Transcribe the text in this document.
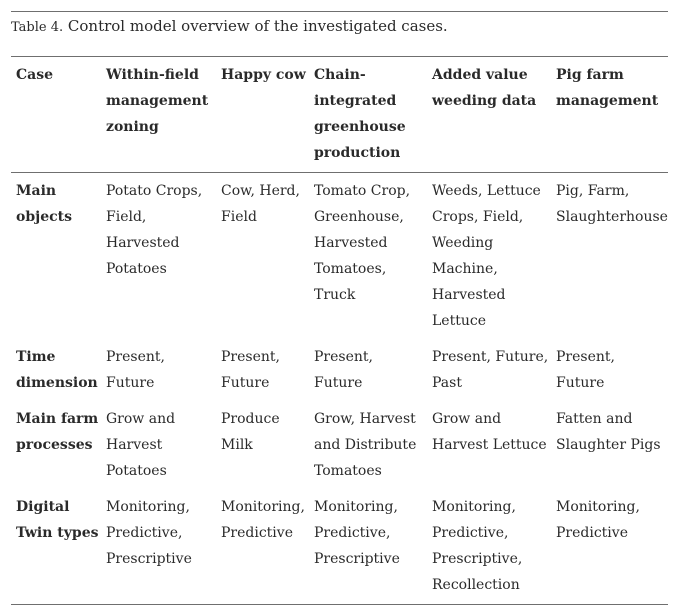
Table 4. Control model overview of the investigated cases.
Case	Within-field management zoning	Happy cow	Chain-integrated greenhouse production	Added value weeding data	Pig farm management
Main objects	Potato Crops, Field, Harvested Potatoes	Cow, Herd, Field	Tomato Crop, Greenhouse, Harvested Tomatoes, Truck	Weeds, Lettuce Crops, Field, Weeding Machine, Harvested Lettuce	Pig, Farm, Slaughterhouse
Time dimension	Present, Future	Present, Future	Present, Future	Present, Future, Past	Present, Future
Main farm processes	Grow and Harvest Potatoes	Produce Milk	Grow, Harvest and Distribute Tomatoes	Grow and Harvest Lettuce	Fatten and Slaughter Pigs
Digital Twin types	Monitoring, Predictive, Prescriptive	Monitoring, Predictive	Monitoring, Predictive, Prescriptive	Monitoring, Predictive, Prescriptive, Recollection	Monitoring, Predictive
